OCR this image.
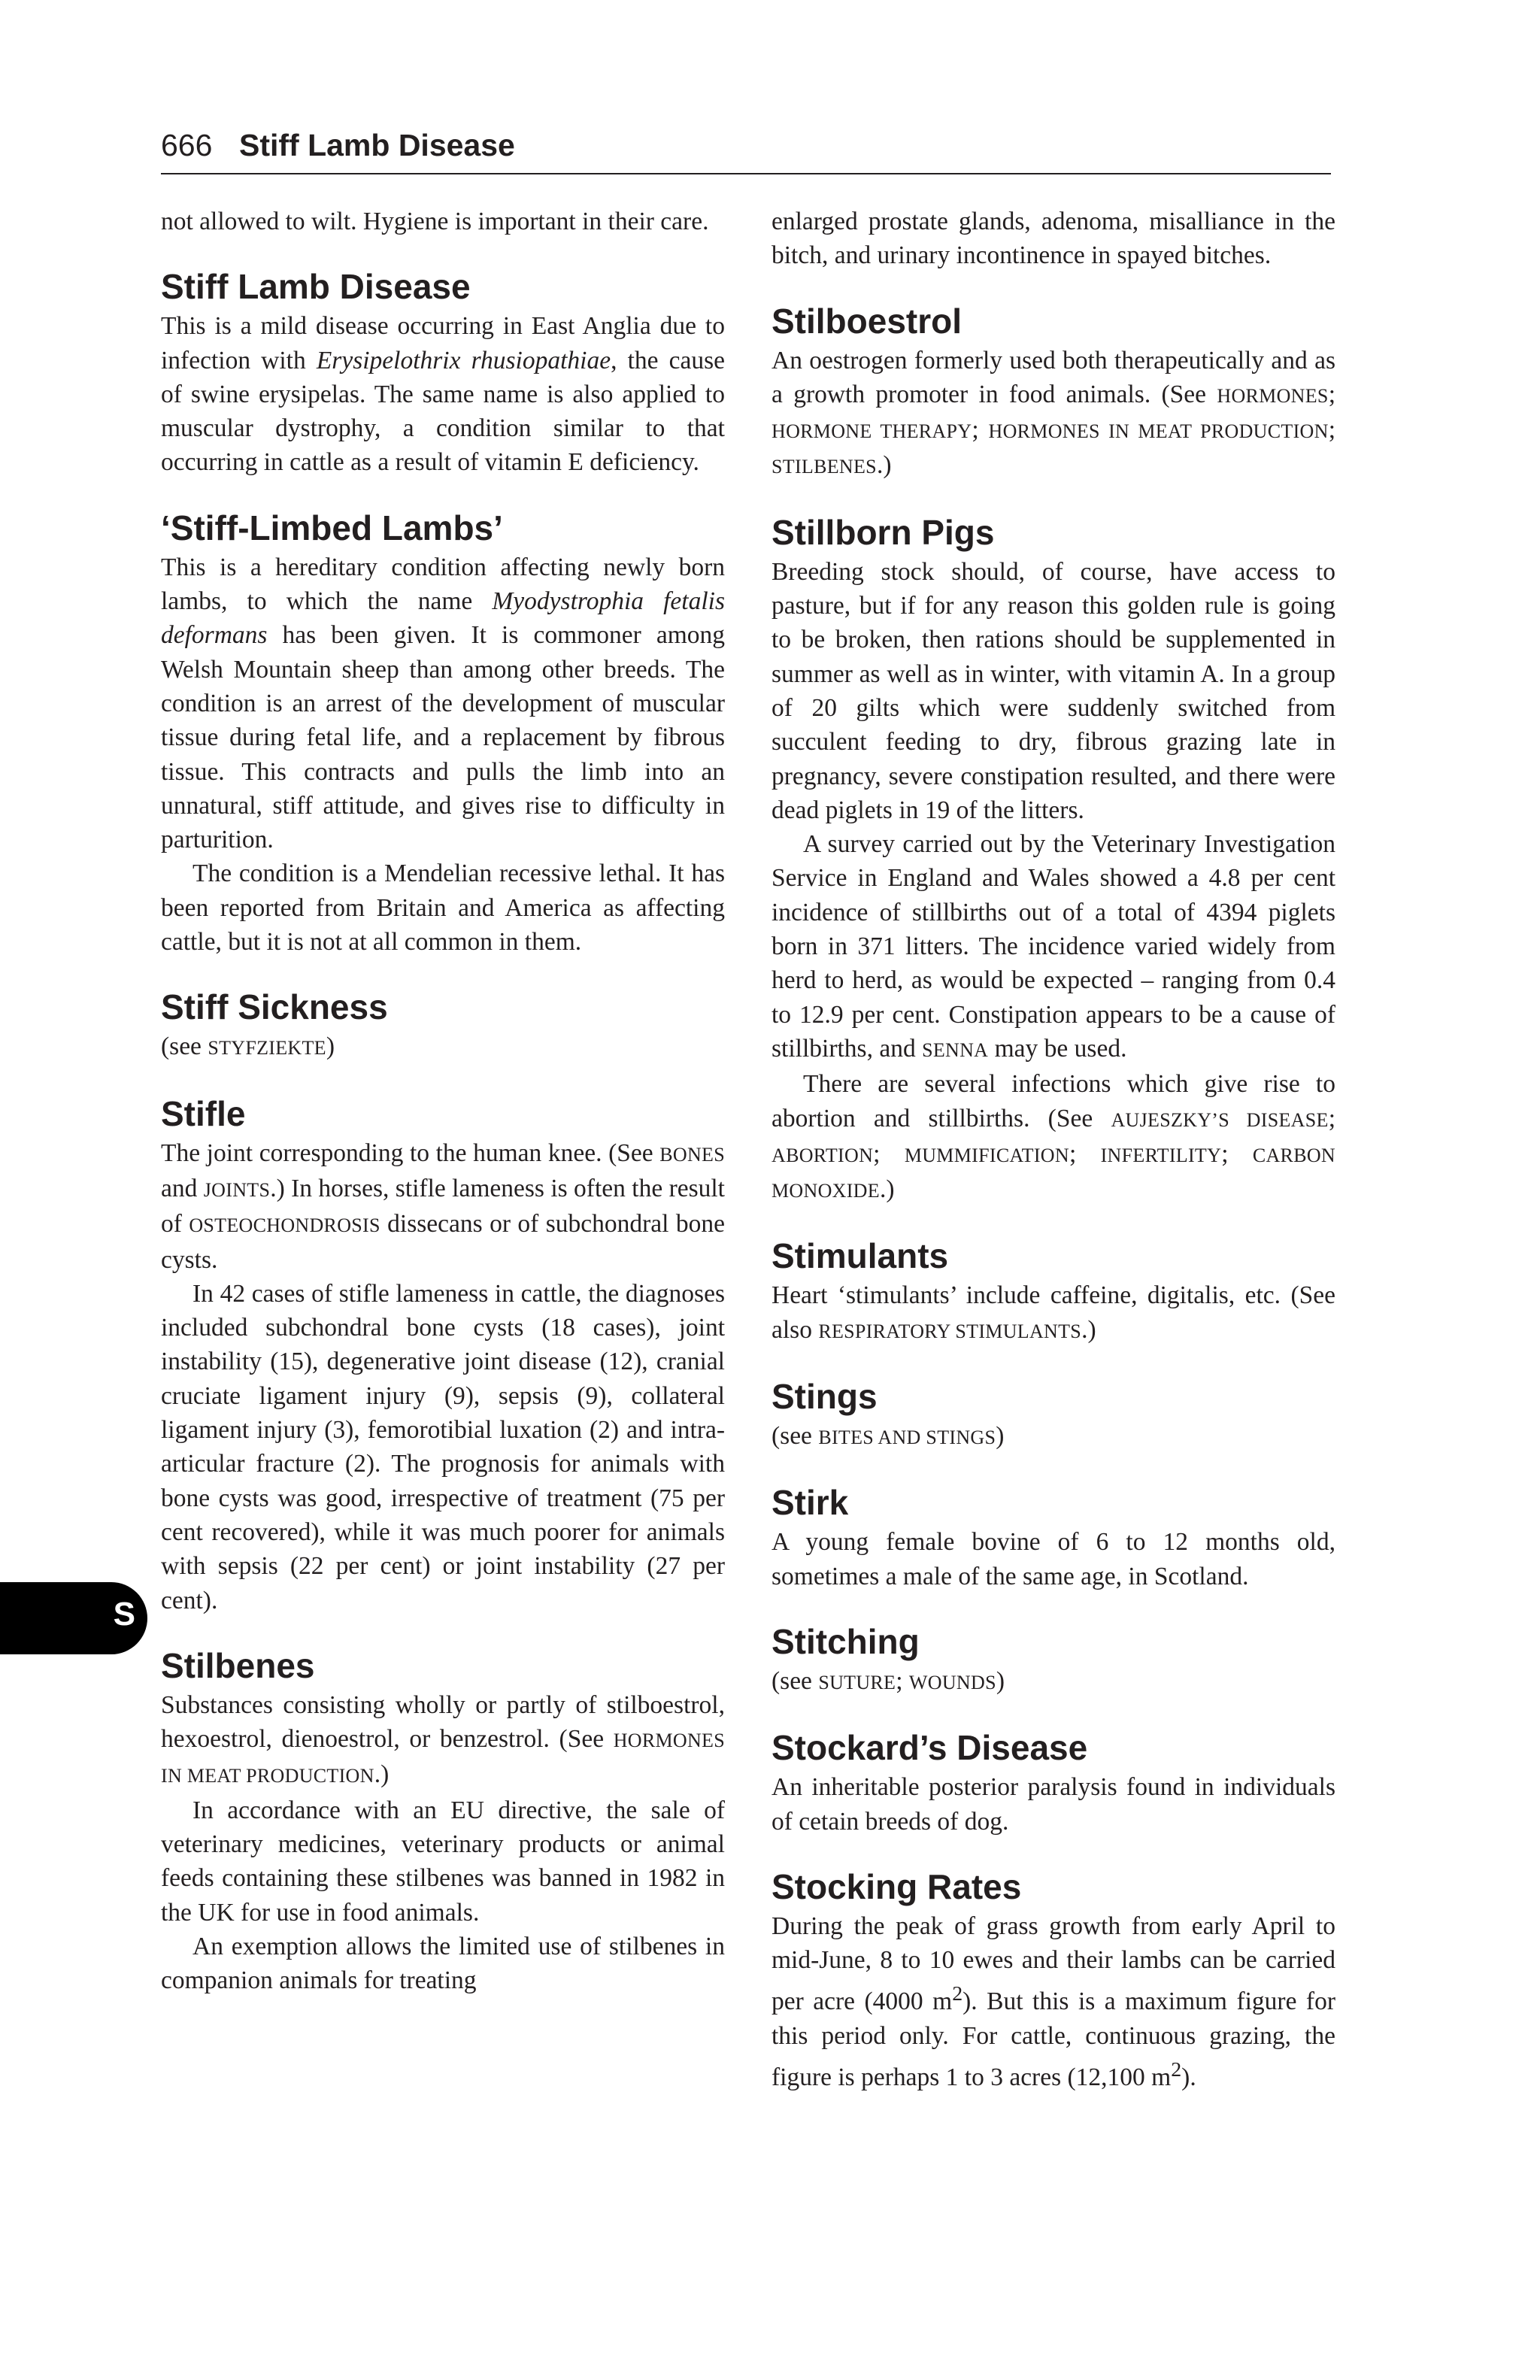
666 Stiff Lamb Disease
S

not allowed to wilt. Hygiene is important in their care.

Stiff Lamb Disease

This is a mild disease occurring in East Anglia due to infection with Erysipelothrix rhusiopathiae, the cause of swine erysipelas. The same name is also applied to muscular dystrophy, a condition similar to that occurring in cattle as a result of vitamin E deficiency.

‘Stiff-Limbed Lambs’

This is a hereditary condition affecting newly born lambs, to which the name Myodystrophia fetalis deformans has been given. It is commoner among Welsh Mountain sheep than among other breeds. The condition is an arrest of the development of muscular tissue during fetal life, and a replacement by fibrous tissue. This contracts and pulls the limb into an unnatural, stiff attitude, and gives rise to difficulty in parturition.

The condition is a Mendelian recessive lethal. It has been reported from Britain and America as affecting cattle, but it is not at all common in them.

Stiff Sickness

(see STYFZIEKTE)

Stifle

The joint corresponding to the human knee. (See BONES and JOINTS.) In horses, stifle lameness is often the result of OSTEOCHONDROSIS dissecans or of subchondral bone cysts.

In 42 cases of stifle lameness in cattle, the diagnoses included subchondral bone cysts (18 cases), joint instability (15), degenerative joint disease (12), cranial cruciate ligament injury (9), sepsis (9), collateral ligament injury (3), femorotibial luxation (2) and intra-articular fracture (2). The prognosis for animals with bone cysts was good, irrespective of treatment (75 per cent recovered), while it was much poorer for animals with sepsis (22 per cent) or joint instability (27 per cent).

Stilbenes

Substances consisting wholly or partly of stilboestrol, hexoestrol, dienoestrol, or benzestrol. (See HORMONES IN MEAT PRODUCTION.)

In accordance with an EU directive, the sale of veterinary medicines, veterinary products or animal feeds containing these stilbenes was banned in 1982 in the UK for use in food animals.

An exemption allows the limited use of stilbenes in companion animals for treating

enlarged prostate glands, adenoma, misalliance in the bitch, and urinary incontinence in spayed bitches.

Stilboestrol

An oestrogen formerly used both therapeutically and as a growth promoter in food animals. (See HORMONES; HORMONE THERAPY; HORMONES IN MEAT PRODUCTION; STILBENES.)

Stillborn Pigs

Breeding stock should, of course, have access to pasture, but if for any reason this golden rule is going to be broken, then rations should be supplemented in summer as well as in winter, with vitamin A. In a group of 20 gilts which were suddenly switched from succulent feeding to dry, fibrous grazing late in pregnancy, severe constipation resulted, and there were dead piglets in 19 of the litters.

A survey carried out by the Veterinary Investigation Service in England and Wales showed a 4.8 per cent incidence of stillbirths out of a total of 4394 piglets born in 371 litters. The incidence varied widely from herd to herd, as would be expected – ranging from 0.4 to 12.9 per cent. Constipation appears to be a cause of stillbirths, and SENNA may be used.

There are several infections which give rise to abortion and stillbirths. (See AUJESZKY’S DISEASE; ABORTION; MUMMIFICATION; INFERTILITY; CARBON MONOXIDE.)

Stimulants

Heart ‘stimulants’ include caffeine, digitalis, etc. (See also RESPIRATORY STIMULANTS.)

Stings

(see BITES AND STINGS)

Stirk

A young female bovine of 6 to 12 months old, sometimes a male of the same age, in Scotland.

Stitching

(see SUTURE; WOUNDS)

Stockard’s Disease

An inheritable posterior paralysis found in individuals of cetain breeds of dog.

Stocking Rates

During the peak of grass growth from early April to mid-June, 8 to 10 ewes and their lambs can be carried per acre (4000 $m^2$). But this is a maximum figure for this period only. For cattle, continuous grazing, the figure is perhaps 1 to 3 acres (12,100 $m^2$).
